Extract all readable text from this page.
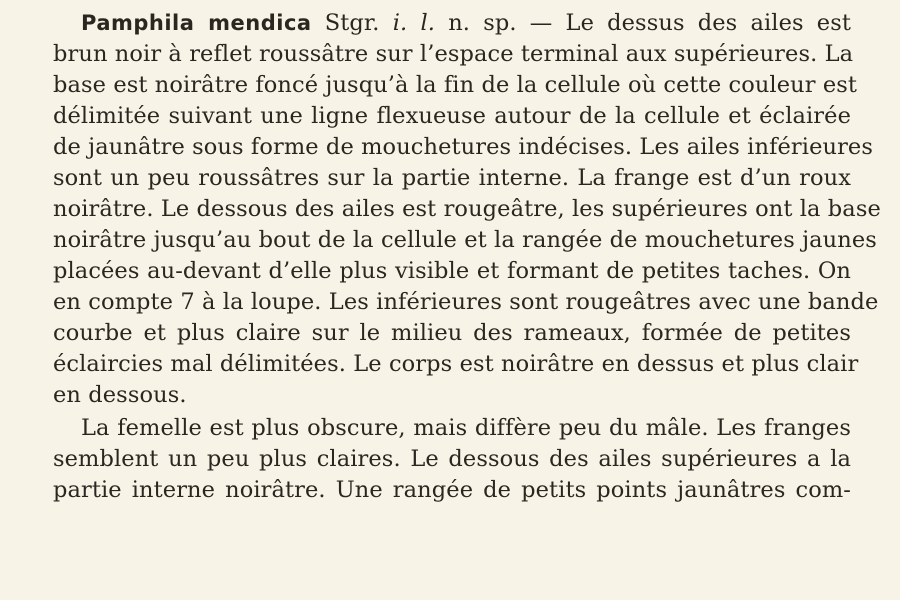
Pamphila mendica Stgr. i. l. n. sp. — Le dessus des ailes est
brun noir à reflet roussâtre sur l’espace terminal aux supérieures. La
base est noirâtre foncé jusqu’à la fin de la cellule où cette couleur est
délimitée suivant une ligne flexueuse autour de la cellule et éclairée
de jaunâtre sous forme de mouchetures indécises. Les ailes inférieures
sont un peu roussâtres sur la partie interne. La frange est d’un roux
noirâtre. Le dessous des ailes est rougeâtre, les supérieures ont la base
noirâtre jusqu’au bout de la cellule et la rangée de mouchetures jaunes
placées au-devant d’elle plus visible et formant de petites taches. On
en compte 7 à la loupe. Les inférieures sont rougeâtres avec une bande
courbe et plus claire sur le milieu des rameaux, formée de petites
éclaircies mal délimitées. Le corps est noirâtre en dessus et plus clair
en dessous.
La femelle est plus obscure, mais diffère peu du mâle. Les franges
semblent un peu plus claires. Le dessous des ailes supérieures a la
partie interne noirâtre. Une rangée de petits points jaunâtres com-
